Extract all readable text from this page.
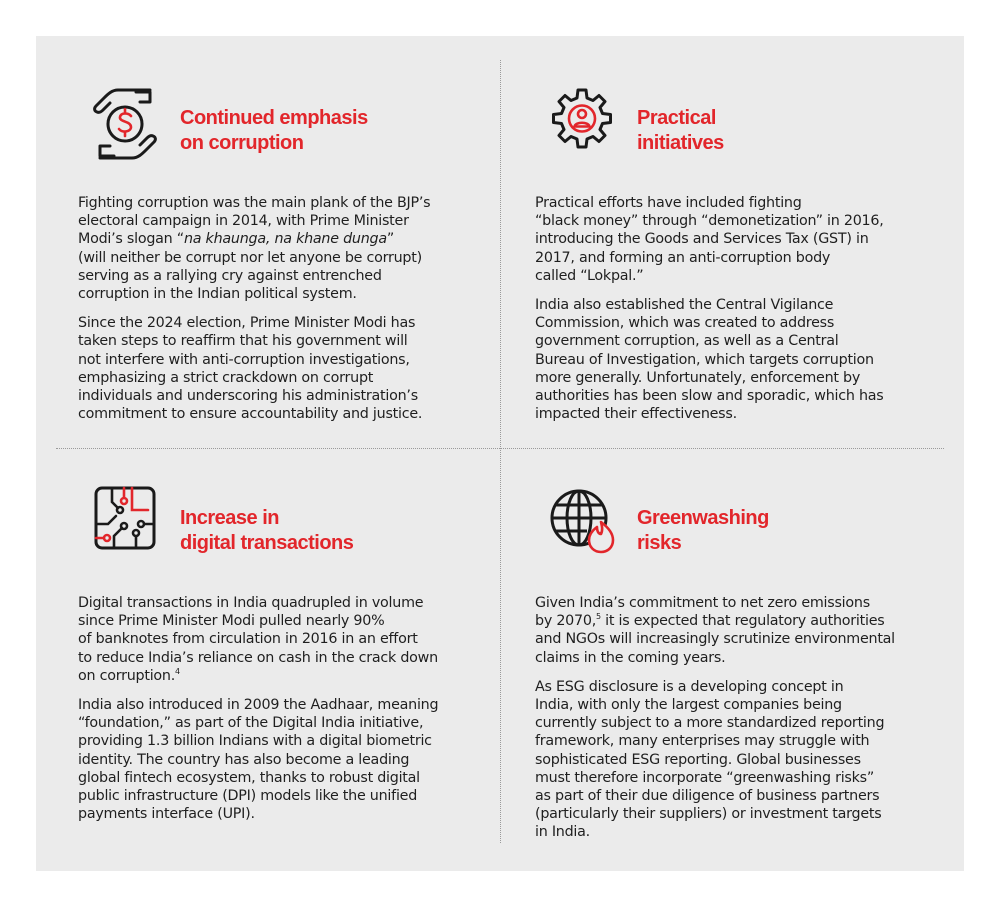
Continued emphasis
on corruption

Fighting corruption was the main plank of the BJP’s
electoral campaign in 2014, with Prime Minister
Modi’s slogan “na khaunga, na khane dunga”
(will neither be corrupt nor let anyone be corrupt)
serving as a rallying cry against entrenched
corruption in the Indian political system.

Since the 2024 election, Prime Minister Modi has
taken steps to reaffirm that his government will
not interfere with anti-corruption investigations,
emphasizing a strict crackdown on corrupt
individuals and underscoring his administration’s
commitment to ensure accountability and justice.

Practical
initiatives

Practical efforts have included fighting
“black money” through “demonetization” in 2016,
introducing the Goods and Services Tax (GST) in
2017, and forming an anti-corruption body
called “Lokpal.”

India also established the Central Vigilance
Commission, which was created to address
government corruption, as well as a Central
Bureau of Investigation, which targets corruption
more generally. Unfortunately, enforcement by
authorities has been slow and sporadic, which has
impacted their effectiveness.

Increase in
digital transactions

Digital transactions in India quadrupled in volume
since Prime Minister Modi pulled nearly 90%
of banknotes from circulation in 2016 in an effort
to reduce India’s reliance on cash in the crack down
on corruption.$^4$

India also introduced in 2009 the Aadhaar, meaning
“foundation,” as part of the Digital India initiative,
providing 1.3 billion Indians with a digital biometric
identity. The country has also become a leading
global fintech ecosystem, thanks to robust digital
public infrastructure (DPI) models like the unified
payments interface (UPI).

Greenwashing
risks

Given India’s commitment to net zero emissions
by 2070,$^5$ it is expected that regulatory authorities
and NGOs will increasingly scrutinize environmental
claims in the coming years.

As ESG disclosure is a developing concept in
India, with only the largest companies being
currently subject to a more standardized reporting
framework, many enterprises may struggle with
sophisticated ESG reporting. Global businesses
must therefore incorporate “greenwashing risks”
as part of their due diligence of business partners
(particularly their suppliers) or investment targets
in India.
